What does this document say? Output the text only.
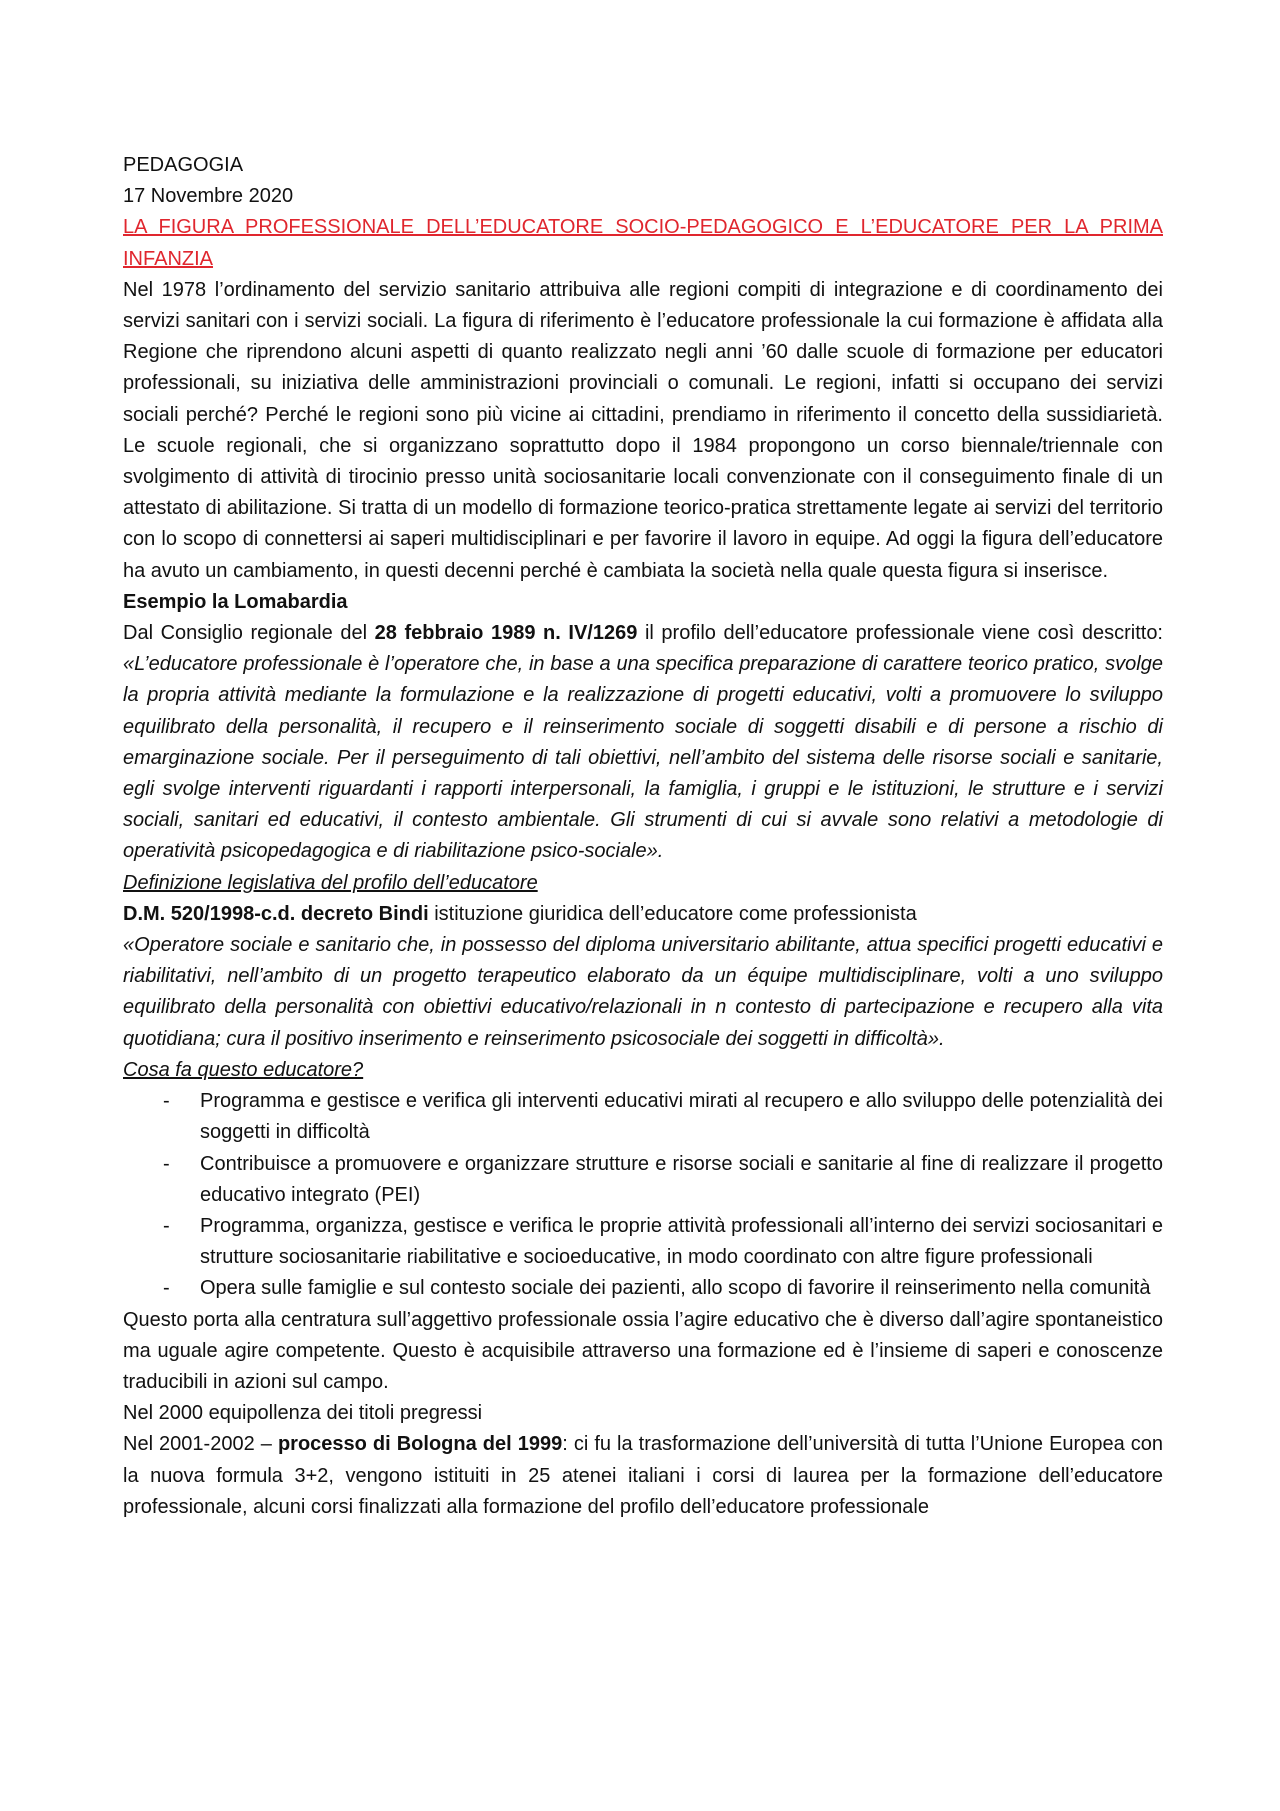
PEDAGOGIA

17 Novembre 2020

LA FIGURA PROFESSIONALE DELL’EDUCATORE SOCIO-PEDAGOGICO E L’EDUCATORE PER LA PRIMA INFANZIA

Nel 1978 l’ordinamento del servizio sanitario attribuiva alle regioni compiti di integrazione e di coordinamento dei servizi sanitari con i servizi sociali. La figura di riferimento è l’educatore professionale la cui formazione è affidata alla Regione che riprendono alcuni aspetti di quanto realizzato negli anni ’60 dalle scuole di formazione per educatori professionali, su iniziativa delle amministrazioni provinciali o comunali. Le regioni, infatti si occupano dei servizi sociali perché? Perché le regioni sono più vicine ai cittadini, prendiamo in riferimento il concetto della sussidiarietà. Le scuole regionali, che si organizzano soprattutto dopo il 1984 propongono un corso biennale/triennale con svolgimento di attività di tirocinio presso unità sociosanitarie locali convenzionate con il conseguimento finale di un attestato di abilitazione. Si tratta di un modello di formazione teorico-pratica strettamente legate ai servizi del territorio con lo scopo di connettersi ai saperi multidisciplinari e per favorire il lavoro in equipe. Ad oggi la figura dell’educatore ha avuto un cambiamento, in questi decenni perché è cambiata la società nella quale questa figura si inserisce.

Esempio la Lomabardia

Dal Consiglio regionale del 28 febbraio 1989 n. IV/1269 il profilo dell’educatore professionale viene così descritto: «L’educatore professionale è l’operatore che, in base a una specifica preparazione di carattere teorico pratico, svolge la propria attività mediante la formulazione e la realizzazione di progetti educativi, volti a promuovere lo sviluppo equilibrato della personalità, il recupero e il reinserimento sociale di soggetti disabili e di persone a rischio di emarginazione sociale. Per il perseguimento di tali obiettivi, nell’ambito del sistema delle risorse sociali e sanitarie, egli svolge interventi riguardanti i rapporti interpersonali, la famiglia, i gruppi e le istituzioni, le strutture e i servizi sociali, sanitari ed educativi, il contesto ambientale. Gli strumenti di cui si avvale sono relativi a metodologie di operatività psicopedagogica e di riabilitazione psico-sociale».

Definizione legislativa del profilo dell’educatore

D.M. 520/1998-c.d. decreto Bindi istituzione giuridica dell’educatore come professionista

«Operatore sociale e sanitario che, in possesso del diploma universitario abilitante, attua specifici progetti educativi e riabilitativi, nell’ambito di un progetto terapeutico elaborato da un équipe multidisciplinare, volti a uno sviluppo equilibrato della personalità con obiettivi educativo/relazionali in n contesto di partecipazione e recupero alla vita quotidiana; cura il positivo inserimento e reinserimento psicosociale dei soggetti in difficoltà».

Cosa fa questo educatore?

- Programma e gestisce e verifica gli interventi educativi mirati al recupero e allo sviluppo delle potenzialità dei soggetti in difficoltà
- Contribuisce a promuovere e organizzare strutture e risorse sociali e sanitarie al fine di realizzare il progetto educativo integrato (PEI)
- Programma, organizza, gestisce e verifica le proprie attività professionali all’interno dei servizi sociosanitari e strutture sociosanitarie riabilitative e socioeducative, in modo coordinato con altre figure professionali
- Opera sulle famiglie e sul contesto sociale dei pazienti, allo scopo di favorire il reinserimento nella comunità

Questo porta alla centratura sull’aggettivo professionale ossia l’agire educativo che è diverso dall’agire spontaneistico ma uguale agire competente. Questo è acquisibile attraverso una formazione ed è l’insieme di saperi e conoscenze traducibili in azioni sul campo.

Nel 2000 equipollenza dei titoli pregressi

Nel 2001-2002 – processo di Bologna del 1999: ci fu la trasformazione dell’università di tutta l’Unione Europea con la nuova formula 3+2, vengono istituiti in 25 atenei italiani i corsi di laurea per la formazione dell’educatore professionale, alcuni corsi finalizzati alla formazione del profilo dell’educatore professionale
